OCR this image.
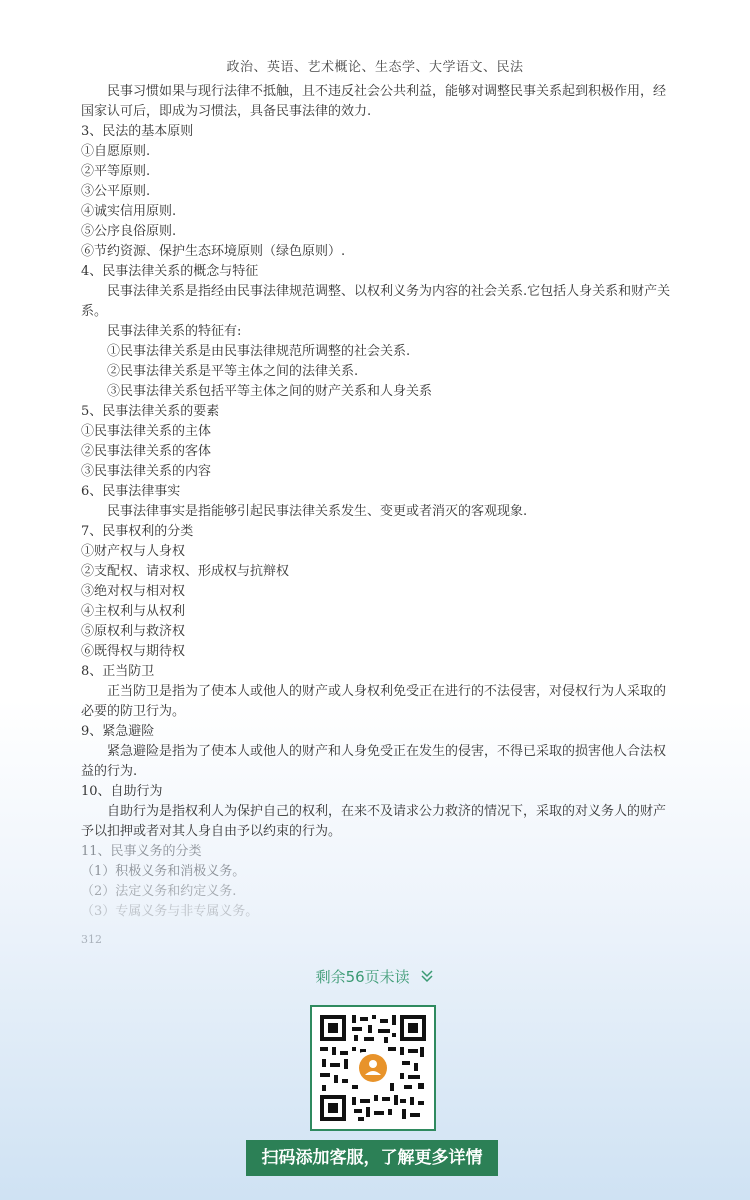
政治、英语、艺术概论、生态学、大学语文、民法

民事习惯如果与现行法律不抵触，且不违反社会公共利益，能够对调整民事关系起到积极作用，经国家认可后，即成为习惯法，具备民事法律的效力.

3、民法的基本原则

①自愿原则.

②平等原则.

③公平原则.

④诚实信用原则.

⑤公序良俗原则.

⑥节约资源、保护生态环境原则（绿色原则）.

4、民事法律关系的概念与特征

民事法律关系是指经由民事法律规范调整、以权利义务为内容的社会关系.它包括人身关系和财产关系。

民事法律关系的特征有:

①民事法律关系是由民事法律规范所调整的社会关系.

②民事法律关系是平等主体之间的法律关系.

③民事法律关系包括平等主体之间的财产关系和人身关系

5、民事法律关系的要素

①民事法律关系的主体

②民事法律关系的客体

③民事法律关系的内容

6、民事法律事实

民事法律事实是指能够引起民事法律关系发生、变更或者消灭的客观现象.

7、民事权利的分类

①财产权与人身权

②支配权、请求权、形成权与抗辩权

③绝对权与相对权

④主权利与从权利

⑤原权利与救济权

⑥既得权与期待权

8、正当防卫

正当防卫是指为了使本人或他人的财产或人身权利免受正在进行的不法侵害，对侵权行为人采取的必要的防卫行为。

9、紧急避险

紧急避险是指为了使本人或他人的财产和人身免受正在发生的侵害，不得已采取的损害他人合法权益的行为.

10、自助行为

自助行为是指权利人为保护自己的权利，在来不及请求公力救济的情况下，采取的对义务人的财产予以扣押或者对其人身自由予以约束的行为。

11、民事义务的分类

（1）积极义务和消极义务。

（2）法定义务和约定义务.

（3）专属义务与非专属义务。

312
剩余56页未读
扫码添加客服，了解更多详情
